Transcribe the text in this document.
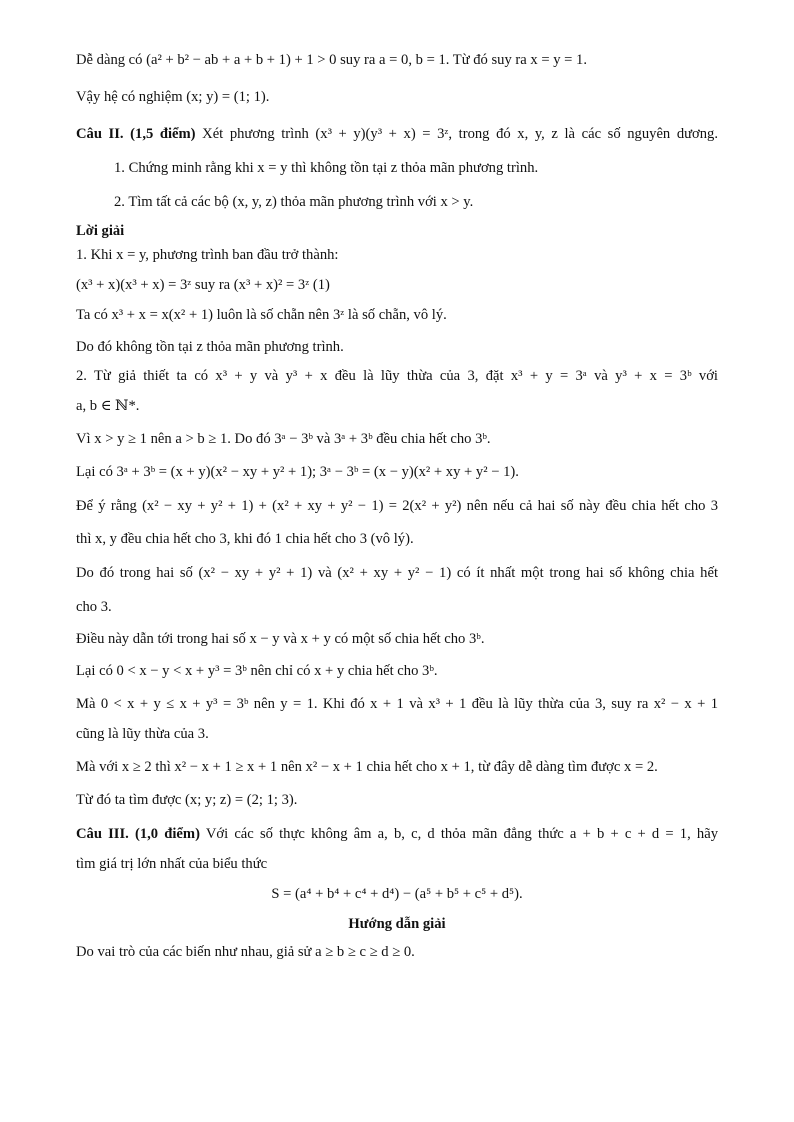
Dễ dàng có (a² + b² − ab + a + b + 1) + 1 > 0 suy ra a = 0, b = 1. Từ đó suy ra x = y = 1.

Vậy hệ có nghiệm (x; y) = (1; 1).

Câu II. (1,5 điểm) Xét phương trình (x³ + y)(y³ + x) = 3ᶻ, trong đó x, y, z là các số nguyên dương.

1. Chứng minh rằng khi x = y thì không tồn tại z thỏa mãn phương trình.

2. Tìm tất cả các bộ (x, y, z) thỏa mãn phương trình với x > y.

Lời giải

1. Khi x = y, phương trình ban đầu trở thành:

(x³ + x)(x³ + x) = 3ᶻ suy ra (x³ + x)² = 3ᶻ (1)

Ta có x³ + x = x(x² + 1) luôn là số chẵn nên 3ᶻ là số chẵn, vô lý.

Do đó không tồn tại z thỏa mãn phương trình.

2. Từ giả thiết ta có x³ + y và y³ + x đều là lũy thừa của 3, đặt x³ + y = 3ᵃ và y³ + x = 3ᵇ với

a, b ∈ ℕ*.

Vì x > y ≥ 1 nên a > b ≥ 1. Do đó 3ᵃ − 3ᵇ và 3ᵃ + 3ᵇ đều chia hết cho 3ᵇ.

Lại có 3ᵃ + 3ᵇ = (x + y)(x² − xy + y² + 1); 3ᵃ − 3ᵇ = (x − y)(x² + xy + y² − 1).

Để ý rằng (x² − xy + y² + 1) + (x² + xy + y² − 1) = 2(x² + y²) nên nếu cả hai số này đều chia hết cho 3

thì x, y đều chia hết cho 3, khi đó 1 chia hết cho 3 (vô lý).

Do đó trong hai số (x² − xy + y² + 1) và (x² + xy + y² − 1) có ít nhất một trong hai số không chia hết

cho 3.

Điều này dẫn tới trong hai số x − y và x + y có một số chia hết cho 3ᵇ.

Lại có 0 < x − y < x + y³ = 3ᵇ nên chỉ có x + y chia hết cho 3ᵇ.

Mà 0 < x + y ≤ x + y³ = 3ᵇ nên y = 1. Khi đó x + 1 và x³ + 1 đều là lũy thừa của 3, suy ra x² − x + 1

cũng là lũy thừa của 3.

Mà với x ≥ 2 thì x² − x + 1 ≥ x + 1 nên x² − x + 1 chia hết cho x + 1, từ đây dễ dàng tìm được x = 2.

Từ đó ta tìm được (x; y; z) = (2; 1; 3).

Câu III. (1,0 điểm) Với các số thực không âm a, b, c, d thỏa mãn đẳng thức a + b + c + d = 1, hãy

tìm giá trị lớn nhất của biểu thức

S = (a⁴ + b⁴ + c⁴ + d⁴) − (a⁵ + b⁵ + c⁵ + d⁵).

Hướng dẫn giải

Do vai trò của các biến như nhau, giả sử a ≥ b ≥ c ≥ d ≥ 0.
